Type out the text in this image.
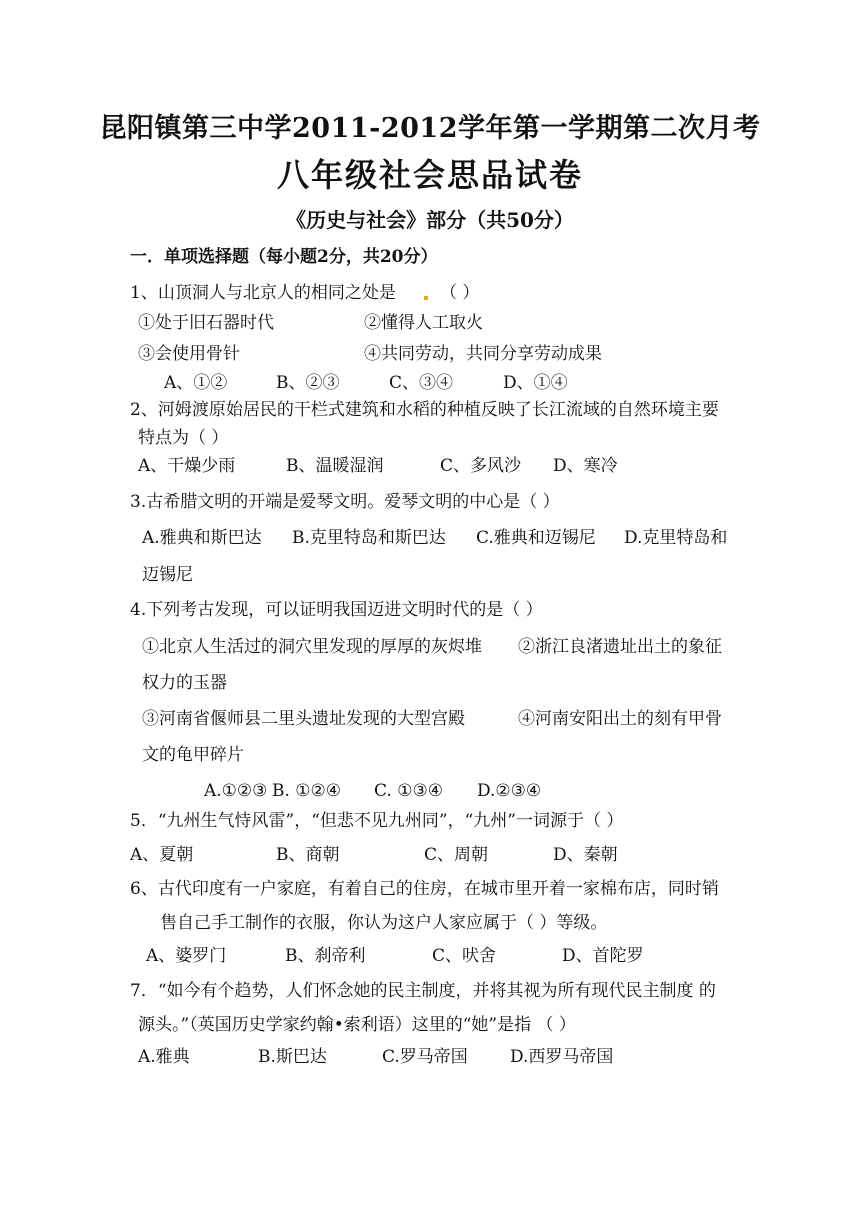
昆阳镇第三中学2011-2012学年第一学期第二次月考
八年级社会思品试卷
《历史与社会》部分（共50分）
一．单项选择题（每小题2分，共20分）
1、山顶洞人与北京人的相同之处是	（ ）
①处于旧石器时代	②懂得人工取火
③会使用骨针	④共同劳动，共同分享劳动成果
A、①②	B、②③	C、③④	D、①④
2、河姆渡原始居民的干栏式建筑和水稻的种植反映了长江流域的自然环境主要
特点为（ ）
A、干燥少雨	B、温暖湿润	C、多风沙 D、寒冷
3.古希腊文明的开端是爱琴文明。爱琴文明的中心是（ ）
A.雅典和斯巴达 B.克里特岛和斯巴达 C.雅典和迈锡尼 D.克里特岛和
迈锡尼
4.下列考古发现，可以证明我国迈进文明时代的是（ ）
①北京人生活过的洞穴里发现的厚厚的灰烬堆 ②浙江良渚遗址出土的象征
权力的玉器
③河南省偃师县二里头遗址发现的大型宫殿	④河南安阳出土的刻有甲骨
文的龟甲碎片
A.①②③ B. ①②④ C. ①③④ D.②③④
5．“九州生气恃风雷”，“但悲不见九州同”，“九州”一词源于（ ）
A、夏朝	B、商朝	C、周朝	D、秦朝
6、古代印度有一户家庭，有着自己的住房，在城市里开着一家棉布店，同时销
售自己手工制作的衣服，你认为这户人家应属于（ ）等级。
A、婆罗门	B、刹帝利	C、吠舍	D、首陀罗
7．“如今有个趋势，人们怀念她的民主制度，并将其视为所有现代民主制度 的
源头。”（英国历史学家约翰•索利语）这里的“她”是指 （ ）
A.雅典	B.斯巴达	C.罗马帝国 D.西罗马帝国
